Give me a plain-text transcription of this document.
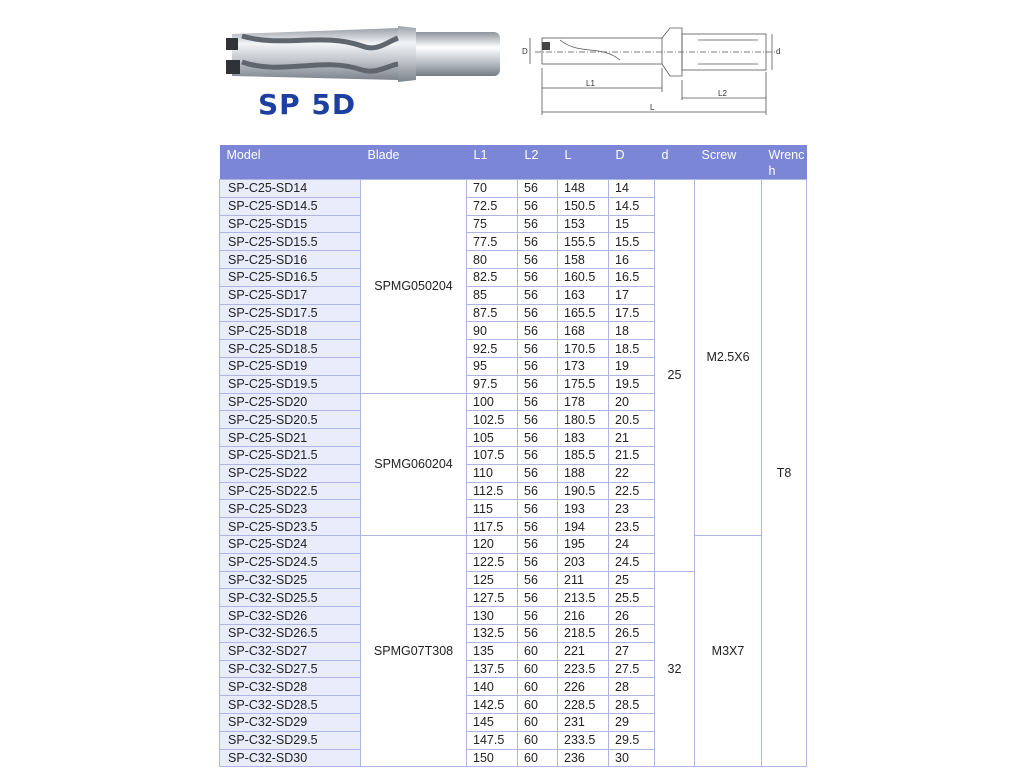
SP 5D
D	d
L1
L2
L
Model	Blade	L1	L2	L	D	d	Screw	Wrench
SP-C25-SD14	SPMG050204	70	56	148	14	25	M2.5X6	T8
SP-C25-SD14.5		72.5	56	150.5	14.5			
SP-C25-SD15		75	56	153	15			
SP-C25-SD15.5		77.5	56	155.5	15.5			
SP-C25-SD16		80	56	158	16			
SP-C25-SD16.5		82.5	56	160.5	16.5			
SP-C25-SD17		85	56	163	17			
SP-C25-SD17.5		87.5	56	165.5	17.5			
SP-C25-SD18		90	56	168	18			
SP-C25-SD18.5		92.5	56	170.5	18.5			
SP-C25-SD19		95	56	173	19			
SP-C25-SD19.5		97.5	56	175.5	19.5			
SP-C25-SD20	SPMG060204	100	56	178	20			
SP-C25-SD20.5		102.5	56	180.5	20.5			
SP-C25-SD21		105	56	183	21			
SP-C25-SD21.5		107.5	56	185.5	21.5			
SP-C25-SD22		110	56	188	22			
SP-C25-SD22.5		112.5	56	190.5	22.5			
SP-C25-SD23		115	56	193	23			
SP-C25-SD23.5		117.5	56	194	23.5			
SP-C25-SD24	SPMG07T308	120	56	195	24		M3X7	
SP-C25-SD24.5		122.5	56	203	24.5			
SP-C32-SD25		125	56	211	25	32		
SP-C32-SD25.5		127.5	56	213.5	25.5			
SP-C32-SD26		130	56	216	26			
SP-C32-SD26.5		132.5	56	218.5	26.5			
SP-C32-SD27		135	60	221	27			
SP-C32-SD27.5		137.5	60	223.5	27.5			
SP-C32-SD28		140	60	226	28			
SP-C32-SD28.5		142.5	60	228.5	28.5			
SP-C32-SD29		145	60	231	29			
SP-C32-SD29.5		147.5	60	233.5	29.5			
SP-C32-SD30		150	60	236	30			
